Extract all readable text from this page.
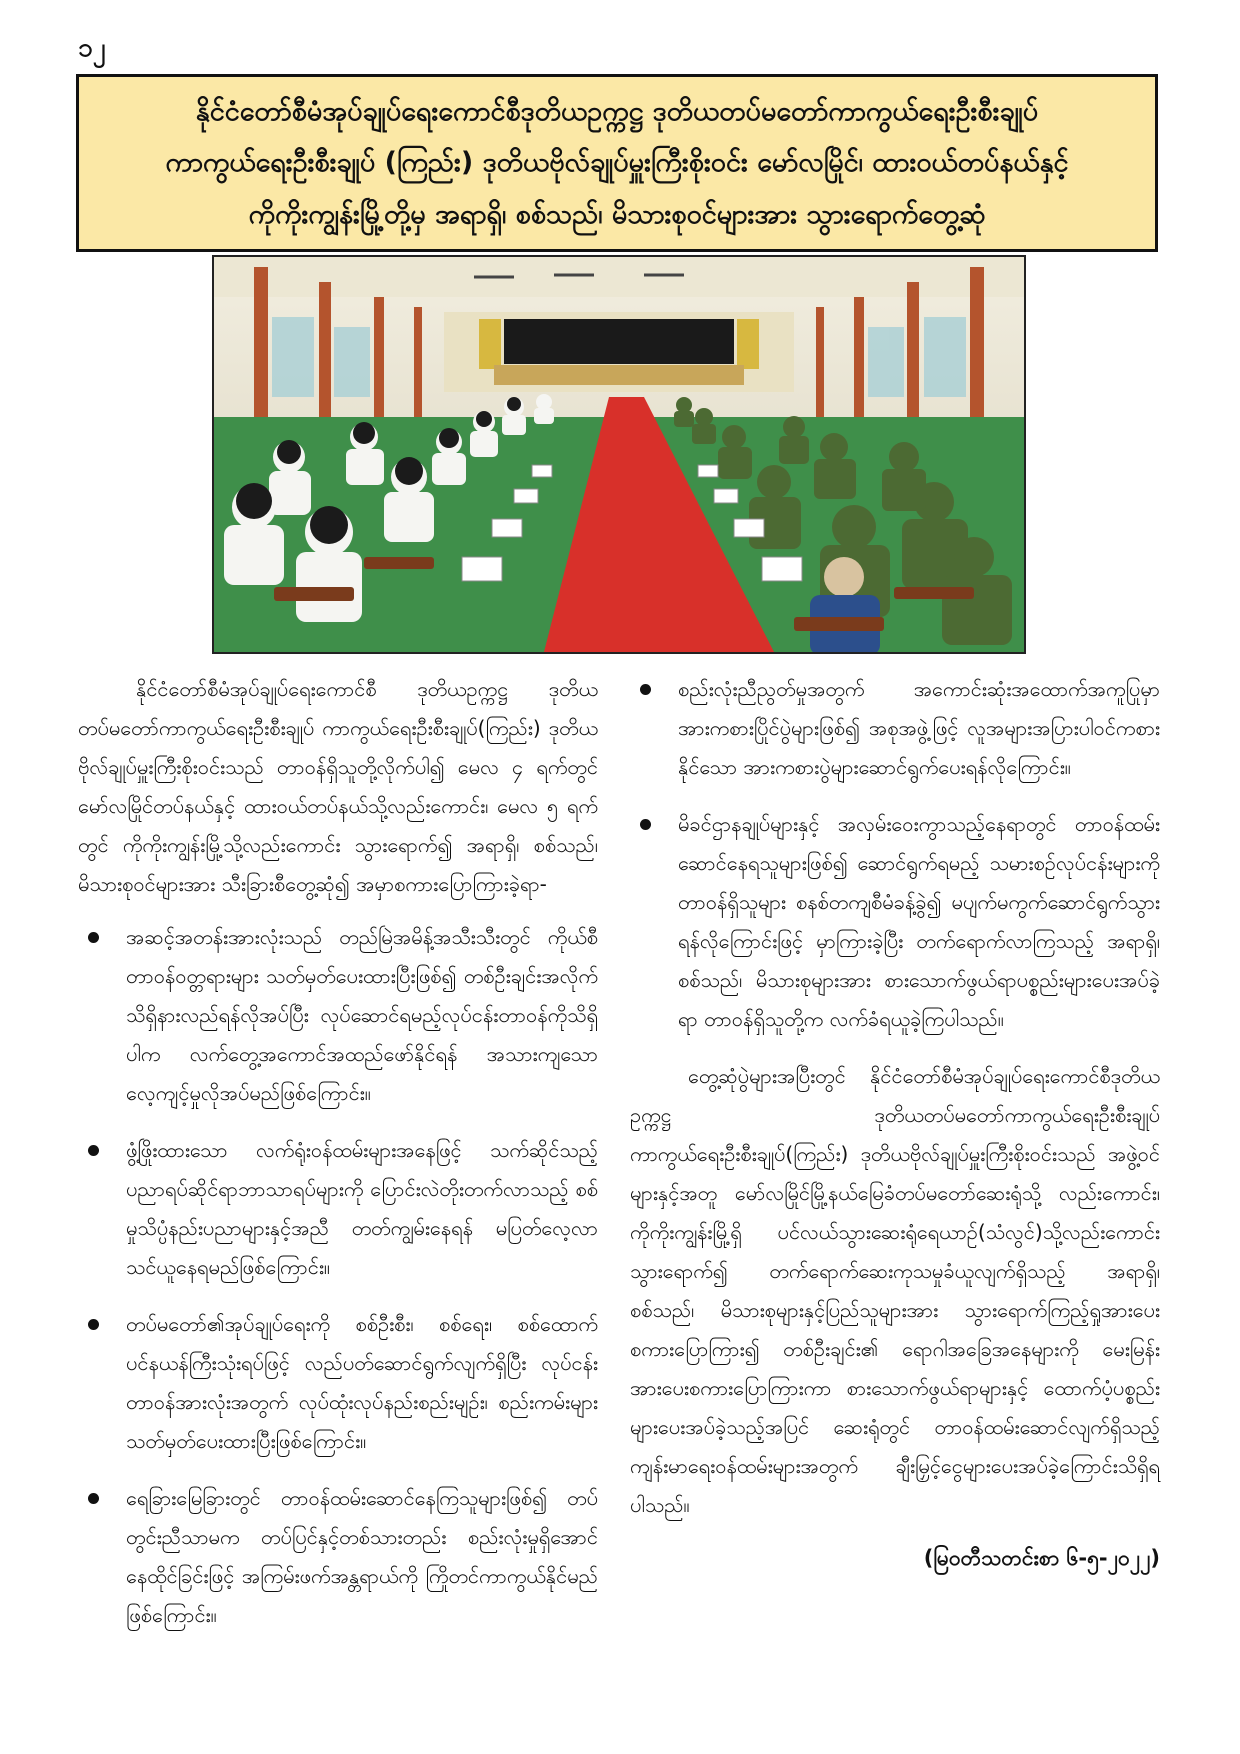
၁၂
နိုင်ငံတော်စီမံအုပ်ချုပ်ရေးကောင်စီဒုတိယဥက္ကဋ္ဌ ဒုတိယတပ်မတော်ကာကွယ်ရေးဦးစီးချုပ်
ကာကွယ်ရေးဦးစီးချုပ် (ကြည်း) ဒုတိယဗိုလ်ချုပ်မှူးကြီးစိုးဝင်း မော်လမြိုင်၊ ထားဝယ်တပ်နယ်နှင့်
ကိုကိုးကျွန်းမြို့တို့မှ အရာရှိ၊ စစ်သည်၊ မိသားစုဝင်များအား သွားရောက်တွေ့ဆုံ

နိုင်ငံတော်စီမံအုပ်ချုပ်ရေးကောင်စီ ဒုတိယဥက္ကဋ္ဌ ဒုတိယတပ်မတော်ကာကွယ်ရေးဦးစီးချုပ် ကာကွယ်ရေးဦးစီးချုပ်(ကြည်း) ဒုတိယဗိုလ်ချုပ်မှူးကြီးစိုးဝင်းသည် တာဝန်ရှိသူတို့လိုက်ပါ၍ မေလ ၄ ရက်တွင် မော်လမြိုင်တပ်နယ်နှင့် ထားဝယ်တပ်နယ်သို့လည်းကောင်း၊ မေလ ၅ ရက်တွင် ကိုကိုးကျွန်းမြို့သို့လည်းကောင်း သွားရောက်၍ အရာရှိ၊ စစ်သည်၊ မိသားစုဝင်များအား သီးခြားစီတွေ့ဆုံ၍ အမှာစကားပြောကြားခဲ့ရာ-

အဆင့်အတန်းအားလုံးသည် တည်မြဲအမိန့်အသီးသီးတွင် ကိုယ်စီတာဝန်ဝတ္တရားများ သတ်မှတ်ပေးထားပြီးဖြစ်၍ တစ်ဦးချင်းအလိုက် သိရှိနားလည်ရန်လိုအပ်ပြီး လုပ်ဆောင်ရမည့်လုပ်ငန်းတာဝန်ကိုသိရှိပါက လက်တွေ့အကောင်အထည်ဖော်နိုင်ရန် အသားကျသောလေ့ကျင့်မှုလိုအပ်မည်ဖြစ်ကြောင်း။
ဖွံ့ဖြိုးထားသော လက်ရုံးဝန်ထမ်းများအနေဖြင့် သက်ဆိုင်သည့်ပညာရပ်ဆိုင်ရာဘာသာရပ်များကို ပြောင်းလဲတိုးတက်လာသည့် စစ်မှုသိပ္ပံနည်းပညာများနှင့်အညီ တတ်ကျွမ်းနေရန် မပြတ်လေ့လာသင်ယူနေရမည်ဖြစ်ကြောင်း။
တပ်မတော်၏အုပ်ချုပ်ရေးကို စစ်ဦးစီး၊ စစ်ရေး၊ စစ်ထောက်ပင်နယန်ကြီးသုံးရပ်ဖြင့် လည်ပတ်ဆောင်ရွက်လျက်ရှိပြီး လုပ်ငန်းတာဝန်အားလုံးအတွက် လုပ်ထုံးလုပ်နည်းစည်းမျဉ်း၊ စည်းကမ်းများ သတ်မှတ်ပေးထားပြီးဖြစ်ကြောင်း။
ရေခြားမြေခြားတွင် တာဝန်ထမ်းဆောင်နေကြသူများဖြစ်၍ တပ်တွင်းညီသာမက တပ်ပြင်နှင့်တစ်သားတည်း စည်းလုံးမှုရှိအောင် နေထိုင်ခြင်းဖြင့် အကြမ်းဖက်အန္တရာယ်ကို ကြိုတင်ကာကွယ်နိုင်မည်ဖြစ်ကြောင်း။
စည်းလုံးညီညွတ်မှုအတွက် အကောင်းဆုံးအထောက်အကူပြုမှာ အားကစားပြိုင်ပွဲများဖြစ်၍ အစုအဖွဲ့ဖြင့် လူအများအပြားပါဝင်ကစားနိုင်သော အားကစားပွဲများဆောင်ရွက်ပေးရန်လိုကြောင်း။
မိခင်ဌာနချုပ်များနှင့် အလှမ်းဝေးကွာသည့်နေရာတွင် တာဝန်ထမ်းဆောင်နေရသူများဖြစ်၍ ဆောင်ရွက်ရမည့် သမားစဉ်လုပ်ငန်းများကို တာဝန်ရှိသူများ စနစ်တကျစီမံခန့်ခွဲ၍ မပျက်မကွက်ဆောင်ရွက်သွားရန်လိုကြောင်းဖြင့် မှာကြားခဲ့ပြီး တက်ရောက်လာကြသည့် အရာရှိ၊ စစ်သည်၊ မိသားစုများအား စားသောက်ဖွယ်ရာပစ္စည်းများပေးအပ်ခဲ့ရာ တာဝန်ရှိသူတို့က လက်ခံရယူခဲ့ကြပါသည်။

တွေ့ဆုံပွဲများအပြီးတွင် နိုင်ငံတော်စီမံအုပ်ချုပ်ရေးကောင်စီဒုတိယဥက္ကဋ္ဌ ဒုတိယတပ်မတော်ကာကွယ်ရေးဦးစီးချုပ် ကာကွယ်ရေးဦးစီးချုပ်(ကြည်း) ဒုတိယဗိုလ်ချုပ်မှူးကြီးစိုးဝင်းသည် အဖွဲ့ဝင်များနှင့်အတူ မော်လမြိုင်မြို့နယ်မြေခံတပ်မတော်ဆေးရုံသို့ လည်းကောင်း၊ ကိုကိုးကျွန်းမြို့ရှိ ပင်လယ်သွားဆေးရုံရေယာဉ်(သံလွင်)သို့လည်းကောင်း သွားရောက်၍ တက်ရောက်ဆေးကုသမှုခံယူလျက်ရှိသည့် အရာရှိ၊ စစ်သည်၊ မိသားစုများနှင့်ပြည်သူများအား သွားရောက်ကြည့်ရှုအားပေးစကားပြောကြား၍ တစ်ဦးချင်း၏ ရောဂါအခြေအနေများကို မေးမြန်းအားပေးစကားပြောကြားကာ စားသောက်ဖွယ်ရာများနှင့် ထောက်ပံ့ပစ္စည်းများပေးအပ်ခဲ့သည့်အပြင် ဆေးရုံတွင် တာဝန်ထမ်းဆောင်လျက်ရှိသည့် ကျန်းမာရေးဝန်ထမ်းများအတွက် ချီးမြှင့်ငွေများပေးအပ်ခဲ့ကြောင်းသိရှိရပါသည်။

(မြဝတီသတင်းစာ ၆-၅-၂၀၂၂)
